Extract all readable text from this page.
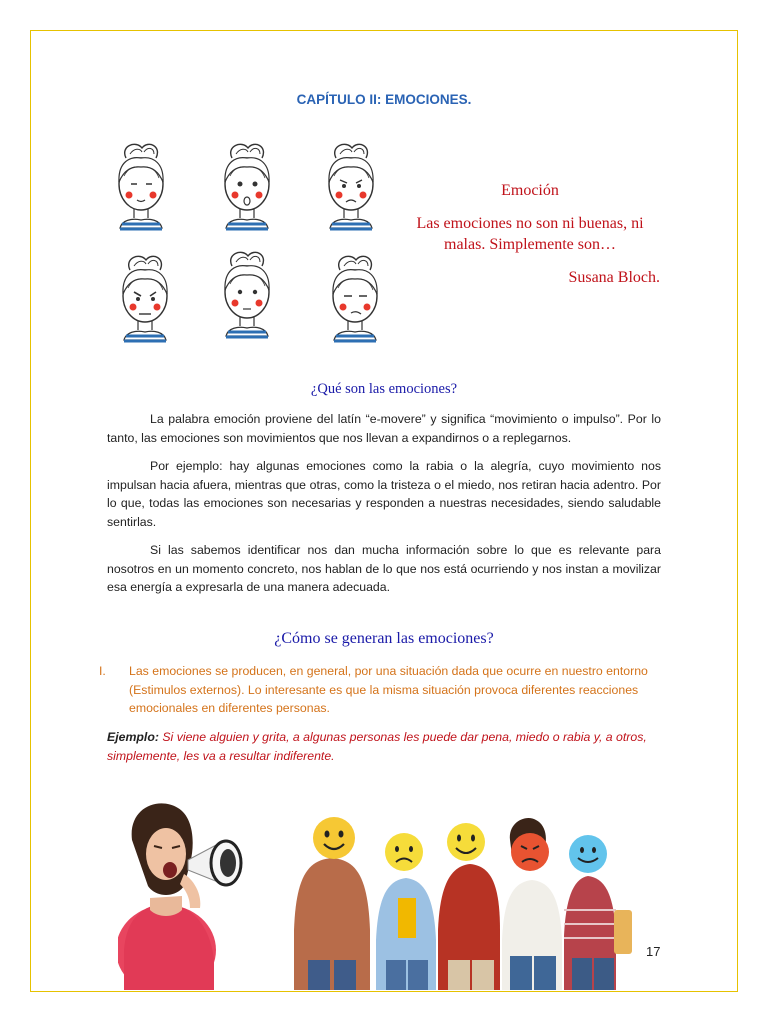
CAPÍTULO II: EMOCIONES.
Emoción
Las emociones no son ni buenas, ni malas. Simplemente son…
Susana Bloch.
¿Qué son las emociones?
La palabra emoción proviene del latín “e-movere” y significa “movimiento o impulso”. Por lo tanto, las emociones son movimientos que nos llevan a expandirnos o a replegarnos.
Por ejemplo: hay algunas emociones como la rabia o la alegría, cuyo movimiento nos impulsan hacia afuera, mientras que otras, como la tristeza o el miedo, nos retiran hacia adentro. Por lo que, todas las emociones son necesarias y responden a nuestras necesidades, siendo saludable sentirlas.
Si las sabemos identificar nos dan mucha información sobre lo que es relevante para nosotros en un momento concreto, nos hablan de lo que nos está ocurriendo y nos instan a movilizar esa energía a expresarla de una manera adecuada.
¿Cómo se generan las emociones?
I. Las emociones se producen, en general, por una situación dada que ocurre en nuestro entorno (Estimulos externos). Lo interesante es que la misma situación provoca diferentes reacciones emocionales en diferentes personas.
Ejemplo: Si viene alguien y grita, a algunas personas les puede dar pena, miedo o rabia y, a otros, simplemente, les va a resultar indiferente.
17
